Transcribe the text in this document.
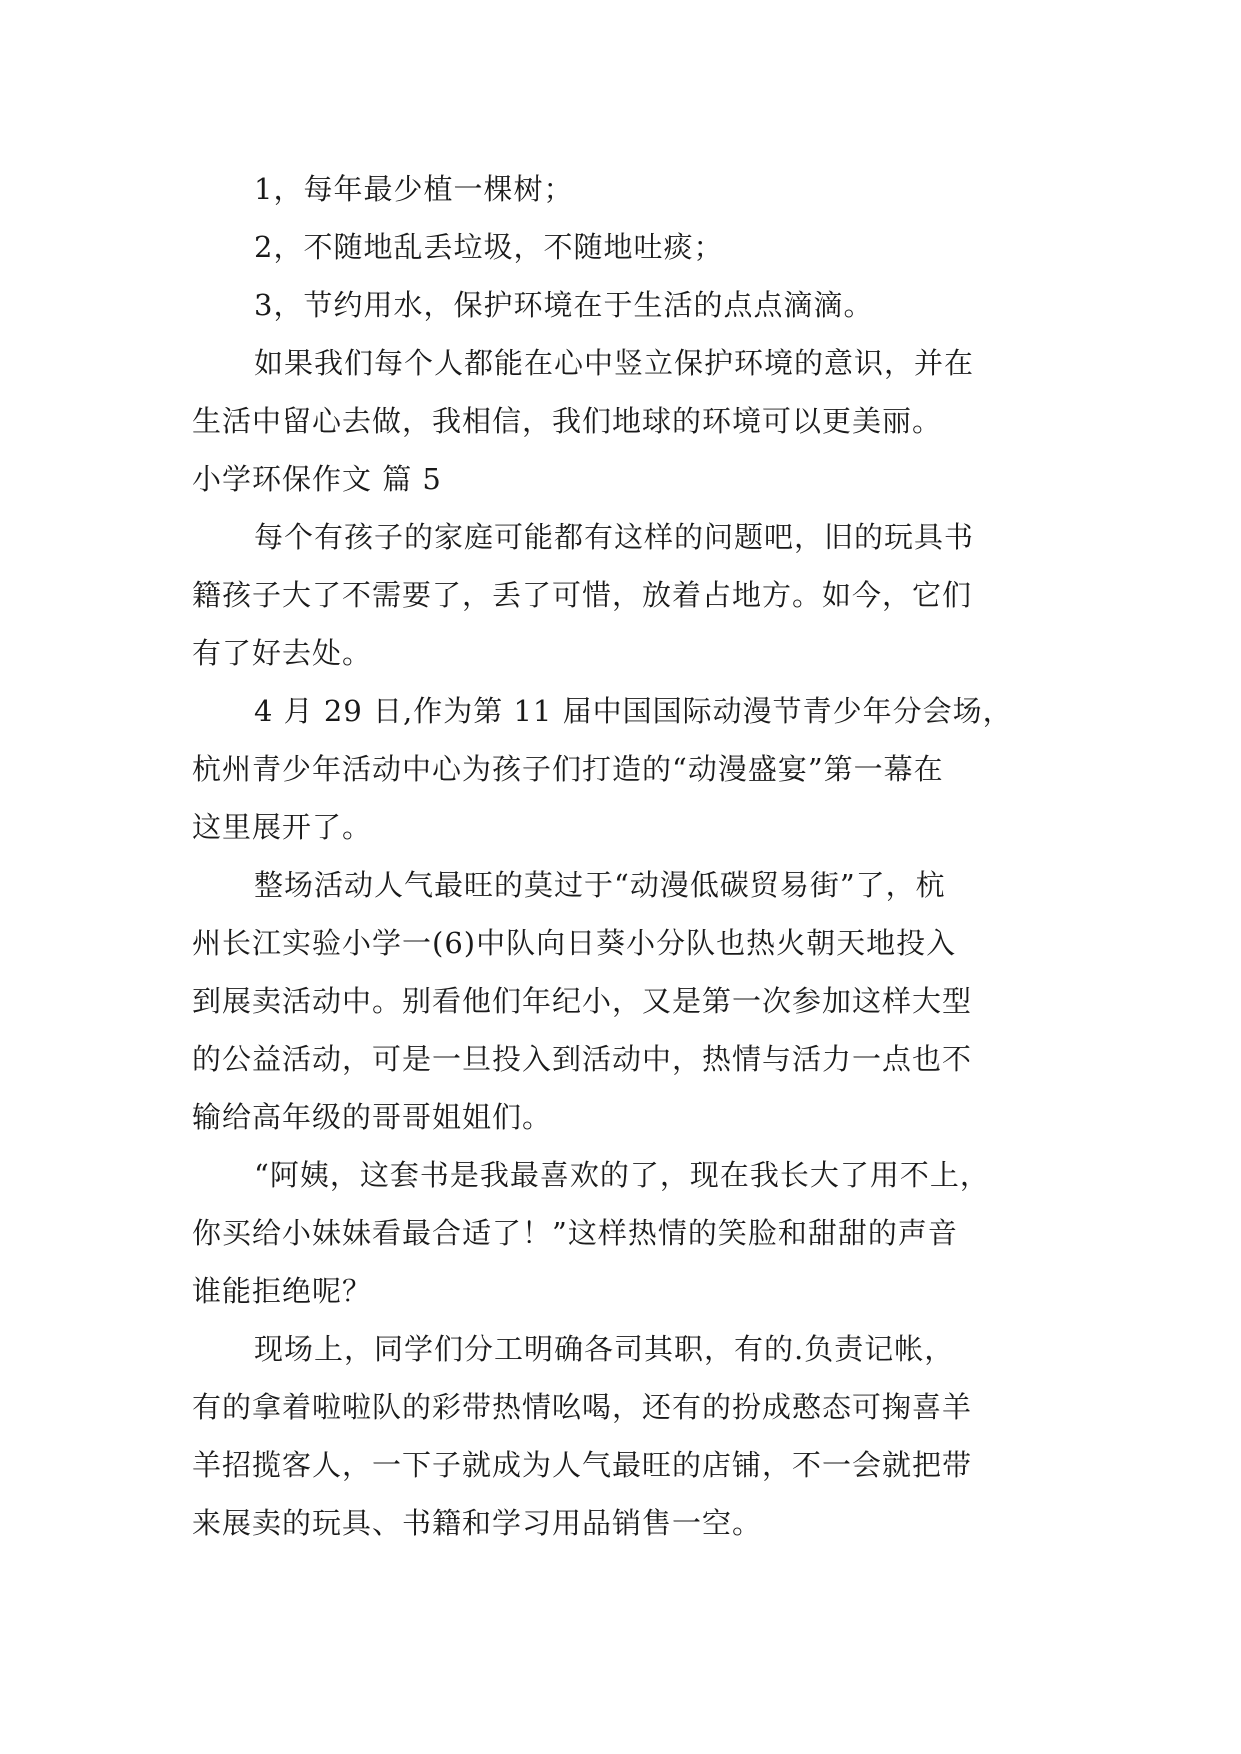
1，每年最少植一棵树；
2，不随地乱丢垃圾，不随地吐痰；
3，节约用水，保护环境在于生活的点点滴滴。
如果我们每个人都能在心中竖立保护环境的意识，并在
生活中留心去做，我相信，我们地球的环境可以更美丽。
小学环保作文 篇 5
每个有孩子的家庭可能都有这样的问题吧，旧的玩具书
籍孩子大了不需要了，丢了可惜，放着占地方。如今，它们
有了好去处。
4 月 29 日,作为第 11 届中国国际动漫节青少年分会场，
杭州青少年活动中心为孩子们打造的“动漫盛宴”第一幕在
这里展开了。
整场活动人气最旺的莫过于“动漫低碳贸易街”了，杭
州长江实验小学一(6)中队向日葵小分队也热火朝天地投入
到展卖活动中。别看他们年纪小，又是第一次参加这样大型
的公益活动，可是一旦投入到活动中，热情与活力一点也不
输给高年级的哥哥姐姐们。
“阿姨，这套书是我最喜欢的了，现在我长大了用不上，
你买给小妹妹看最合适了！”这样热情的笑脸和甜甜的声音
谁能拒绝呢？
现场上，同学们分工明确各司其职，有的.负责记帐，
有的拿着啦啦队的彩带热情吆喝，还有的扮成憨态可掬喜羊
羊招揽客人，一下子就成为人气最旺的店铺，不一会就把带
来展卖的玩具、书籍和学习用品销售一空。
